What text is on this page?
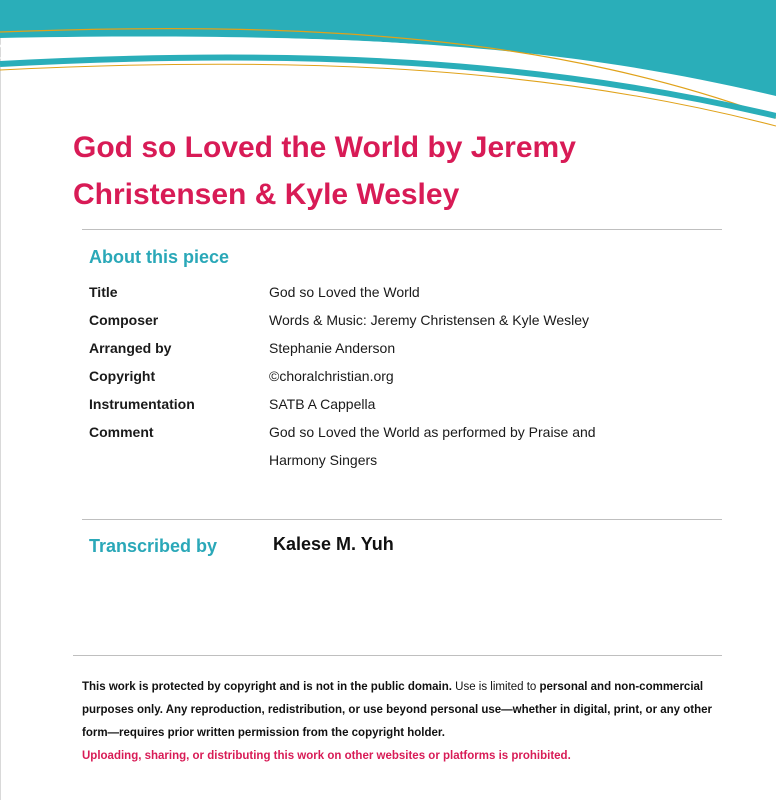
God so Loved the World by Jeremy Christensen & Kyle Wesley
About this piece
Title	God so Loved the World
Composer	Words & Music: Jeremy Christensen & Kyle Wesley
Arranged by	Stephanie Anderson
Copyright	©choralchristian.org
Instrumentation	SATB A Cappella
Comment	God so Loved the World as performed by Praise and Harmony Singers
Transcribed by	Kalese M. Yuh
This work is protected by copyright and is not in the public domain. Use is limited to personal and non-commercial purposes only. Any reproduction, redistribution, or use beyond personal use—whether in digital, print, or any other form—requires prior written permission from the copyright holder.
Uploading, sharing, or distributing this work on other websites or platforms is prohibited.
